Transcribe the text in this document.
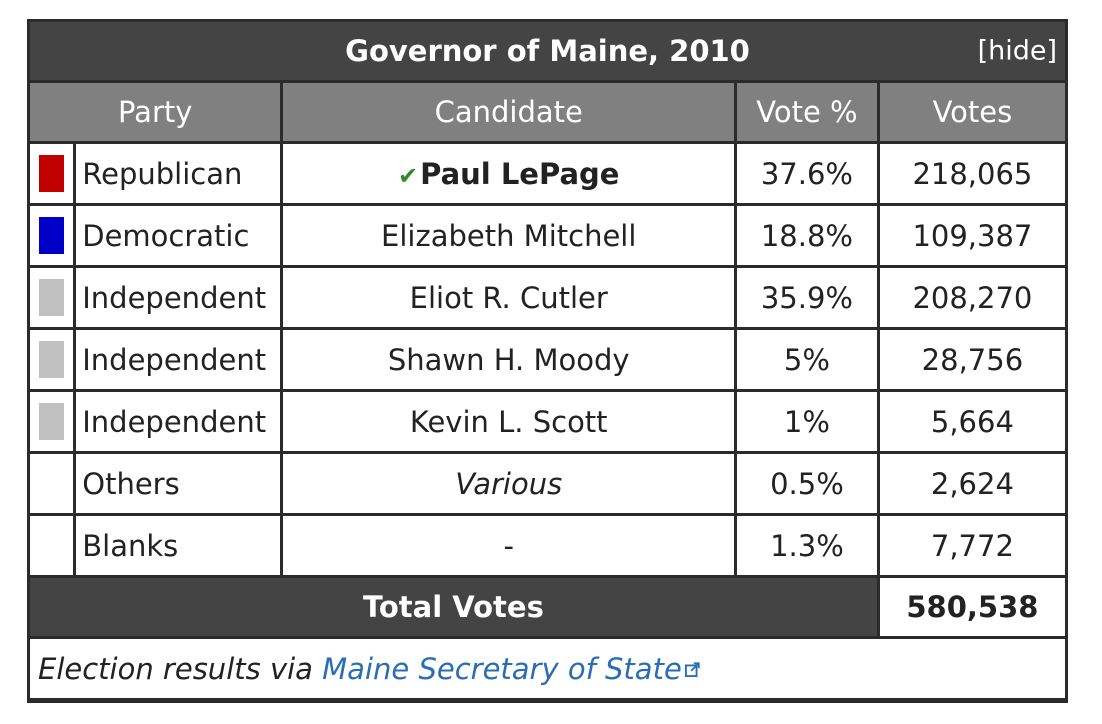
Governor of Maine, 2010 [hide]				

Party		Candidate	Vote %	Votes

	Republican	✔Paul LePage	37.6%	218,065

	Democratic	Elizabeth Mitchell	18.8%	109,387

	Independent	Eliot R. Cutler	35.9%	208,270

	Independent	Shawn H. Moody	5%	28,756

	Independent	Kevin L. Scott	1%	5,664
	Others	Various	0.5%	2,624
	Blanks	-	1.3%	7,772
Total Votes				580,538
Election results via Maine Secretary of State				
